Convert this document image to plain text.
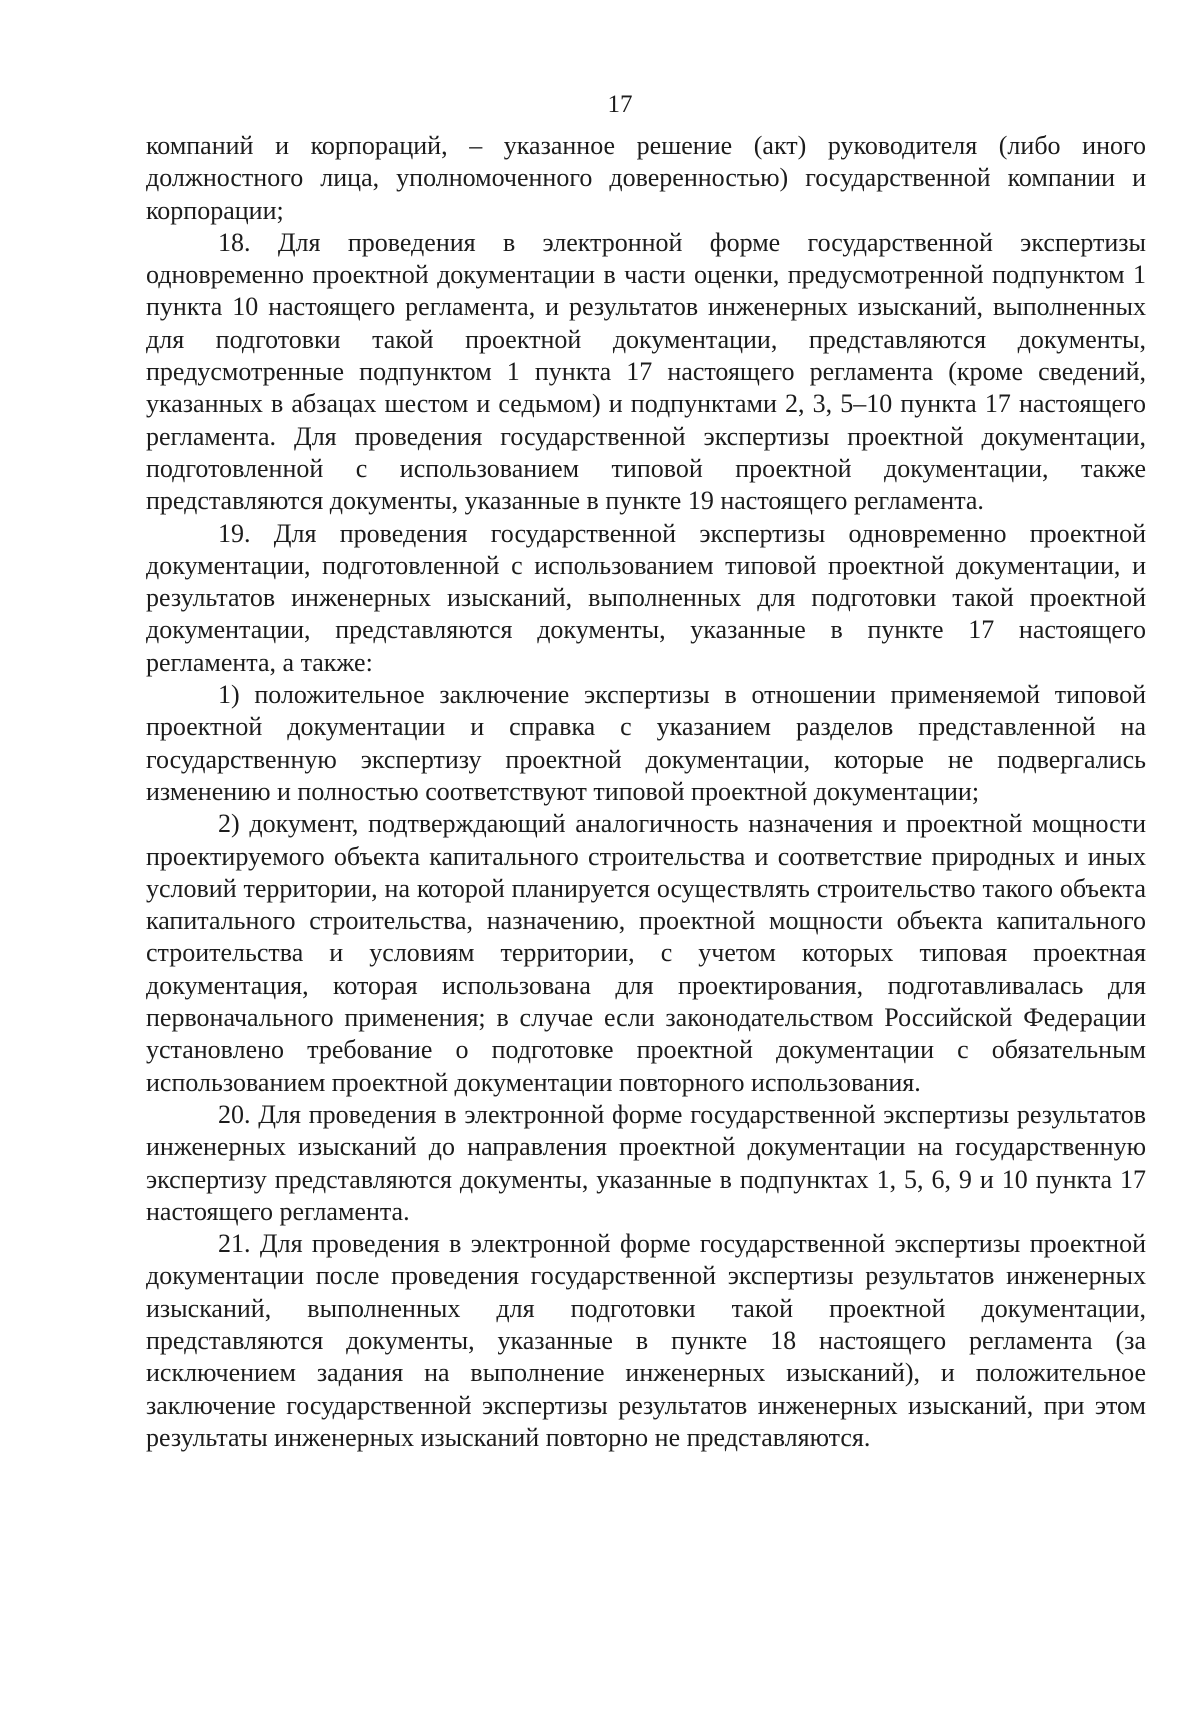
17

компаний и корпораций, – указанное решение (акт) руководителя (либо иного должностного лица, уполномоченного доверенностью) государственной компании и корпорации;

18. Для проведения в электронной форме государственной экспертизы одновременно проектной документации в части оценки, предусмотренной подпунктом 1 пункта 10 настоящего регламента, и результатов инженерных изысканий, выполненных для подготовки такой проектной документации, представляются документы, предусмотренные подпунктом 1 пункта 17 настоящего регламента (кроме сведений, указанных в абзацах шестом и седьмом) и подпунктами 2, 3, 5–10 пункта 17 настоящего регламента. Для проведения государственной экспертизы проектной документации, подготовленной с использованием типовой проектной документации, также представляются документы, указанные в пункте 19 настоящего регламента.

19. Для проведения государственной экспертизы одновременно проектной документации, подготовленной с использованием типовой проектной документации, и результатов инженерных изысканий, выполненных для подготовки такой проектной документации, представляются документы, указанные в пункте 17 настоящего регламента, а также:

1) положительное заключение экспертизы в отношении применяемой типовой проектной документации и справка с указанием разделов представленной на государственную экспертизу проектной документации, которые не подвергались изменению и полностью соответствуют типовой проектной документации;

2) документ, подтверждающий аналогичность назначения и проектной мощности проектируемого объекта капитального строительства и соответствие природных и иных условий территории, на которой планируется осуществлять строительство такого объекта капитального строительства, назначению, проектной мощности объекта капитального строительства и условиям территории, с учетом которых типовая проектная документация, которая использована для проектирования, подготавливалась для первоначального применения; в случае если законодательством Российской Федерации установлено требование о подготовке проектной документации с обязательным использованием проектной документации повторного использования.

20. Для проведения в электронной форме государственной экспертизы результатов инженерных изысканий до направления проектной документации на государственную экспертизу представляются документы, указанные в подпунктах 1, 5, 6, 9 и 10 пункта 17 настоящего регламента.

21. Для проведения в электронной форме государственной экспертизы проектной документации после проведения государственной экспертизы результатов инженерных изысканий, выполненных для подготовки такой проектной документации, представляются документы, указанные в пункте 18 настоящего регламента (за исключением задания на выполнение инженерных изысканий), и положительное заключение государственной экспертизы результатов инженерных изысканий, при этом результаты инженерных изысканий повторно не представляются.
